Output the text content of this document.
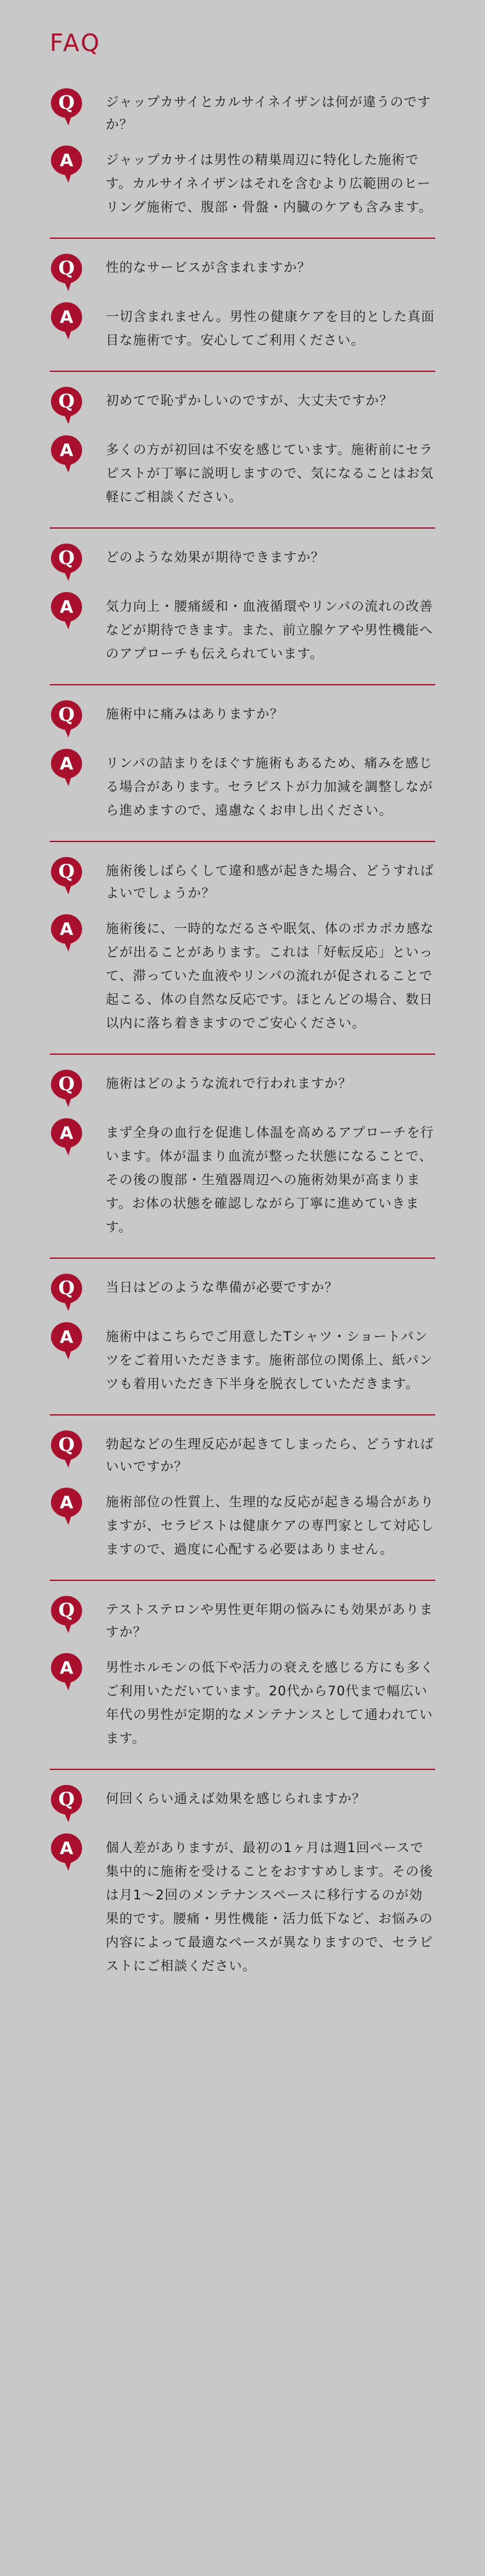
FAQ
Q	ジャップカサイとカルサイネイザンは何が違うのですか？
A	ジャップカサイは男性の精巣周辺に特化した施術です。カルサイネイザンはそれを含むより広範囲のヒーリング施術で、腹部・骨盤・内臓のケアも含みます。
Q	性的なサービスが含まれますか？
A	一切含まれません。男性の健康ケアを目的とした真面目な施術です。安心してご利用ください。
Q	初めてで恥ずかしいのですが、大丈夫ですか？
A	多くの方が初回は不安を感じています。施術前にセラピストが丁寧に説明しますので、気になることはお気軽にご相談ください。
Q	どのような効果が期待できますか？
A	気力向上・腰痛緩和・血液循環やリンパの流れの改善などが期待できます。また、前立腺ケアや男性機能へのアプローチも伝えられています。
Q	施術中に痛みはありますか？
A	リンパの詰まりをほぐす施術もあるため、痛みを感じる場合があります。セラピストが力加減を調整しながら進めますので、遠慮なくお申し出ください。
Q	施術後しばらくして違和感が起きた場合、どうすればよいでしょうか？
A	施術後に、一時的なだるさや眠気、体のポカポカ感などが出ることがあります。これは「好転反応」といって、滞っていた血液やリンパの流れが促されることで起こる、体の自然な反応です。ほとんどの場合、数日以内に落ち着きますのでご安心ください。
Q	施術はどのような流れで行われますか？
A	まず全身の血行を促進し体温を高めるアプローチを行います。体が温まり血流が整った状態になることで、その後の腹部・生殖器周辺への施術効果が高まります。お体の状態を確認しながら丁寧に進めていきます。
Q	当日はどのような準備が必要ですか？
A	施術中はこちらでご用意したTシャツ・ショートパンツをご着用いただきます。施術部位の関係上、紙パンツも着用いただき下半身を脱衣していただきます。
Q	勃起などの生理反応が起きてしまったら、どうすればいいですか？
A	施術部位の性質上、生理的な反応が起きる場合がありますが、セラピストは健康ケアの専門家として対応しますので、過度に心配する必要はありません。
Q	テストステロンや男性更年期の悩みにも効果がありますか？
A	男性ホルモンの低下や活力の衰えを感じる方にも多くご利用いただいています。20代から70代まで幅広い年代の男性が定期的なメンテナンスとして通われています。
Q	何回くらい通えば効果を感じられますか？
A	個人差がありますが、最初の1ヶ月は週1回ペースで集中的に施術を受けることをおすすめします。その後は月1〜2回のメンテナンスペースに移行するのが効果的です。腰痛・男性機能・活力低下など、お悩みの内容によって最適なペースが異なりますので、セラピストにご相談ください。
